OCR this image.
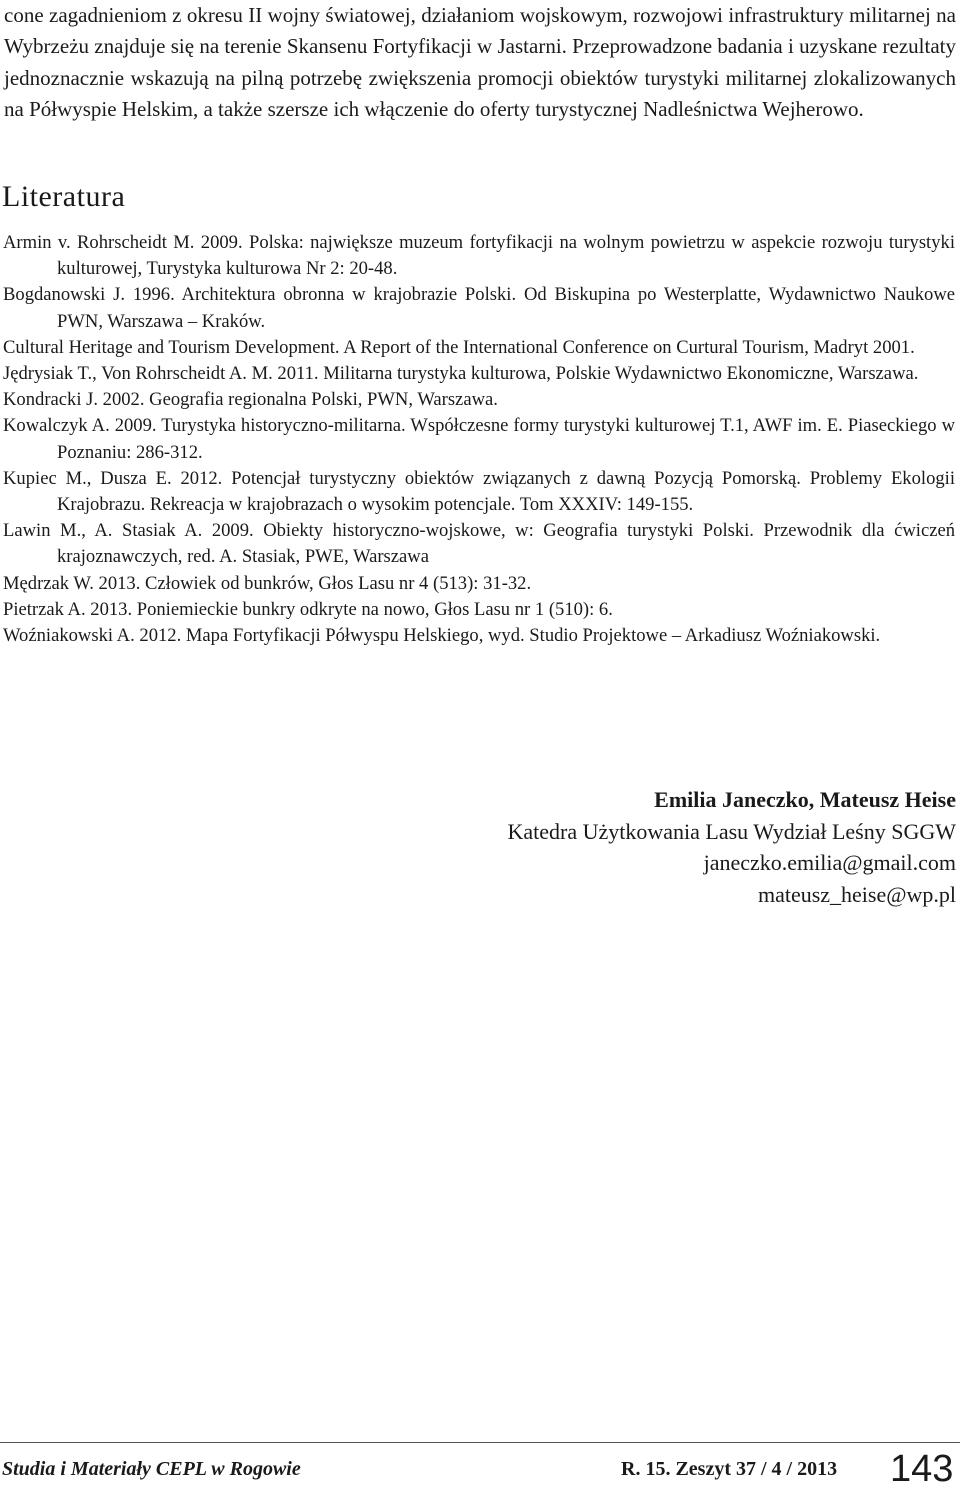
cone zagadnieniom z okresu II wojny światowej, działaniom wojskowym, rozwojowi infrastruktury militarnej na Wybrzeżu znajduje się na terenie Skansenu Fortyfikacji w Jastarni. Przeprowadzone badania i uzyskane rezultaty jednoznacznie wskazują na pilną potrzebę zwiększenia promocji obiektów turystyki militarnej zlokalizowanych na Półwyspie Helskim, a także szersze ich włączenie do oferty turystycznej Nadleśnictwa Wejherowo.

Literatura
Armin v. Rohrscheidt M. 2009. Polska: największe muzeum fortyfikacji na wolnym powietrzu w aspekcie rozwoju turystyki kulturowej, Turystyka kulturowa Nr 2: 20-48.
Bogdanowski J. 1996. Architektura obronna w krajobrazie Polski. Od Biskupina po Westerplatte, Wydawnictwo Naukowe PWN, Warszawa – Kraków.
Cultural Heritage and Tourism Development. A Report of the International Conference on Curtural Tourism, Madryt 2001.
Jędrysiak T., Von Rohrscheidt A. M. 2011. Militarna turystyka kulturowa, Polskie Wydawnictwo Ekonomiczne, Warszawa.
Kondracki J. 2002. Geografia regionalna Polski, PWN, Warszawa.
Kowalczyk A. 2009. Turystyka historyczno-militarna. Współczesne formy turystyki kulturowej T.1, AWF im. E. Piaseckiego w Poznaniu: 286-312.
Kupiec M., Dusza E. 2012. Potencjał turystyczny obiektów związanych z dawną Pozycją Pomorską. Problemy Ekologii Krajobrazu. Rekreacja w krajobrazach o wysokim potencjale. Tom XXXIV: 149-155.
Lawin M., A. Stasiak A. 2009. Obiekty historyczno-wojskowe, w: Geografia turystyki Polski. Przewodnik dla ćwiczeń krajoznawczych, red. A. Stasiak, PWE, Warszawa
Mędrzak W. 2013. Człowiek od bunkrów, Głos Lasu nr 4 (513): 31-32.
Pietrzak A. 2013. Poniemieckie bunkry odkryte na nowo, Głos Lasu nr 1 (510): 6.
Woźniakowski A. 2012. Mapa Fortyfikacji Półwyspu Helskiego, wyd. Studio Projektowe – Arkadiusz Woźniakowski.
Emilia Janeczko, Mateusz Heise
Katedra Użytkowania Lasu Wydział Leśny SGGW
janeczko.emilia@gmail.com
mateusz_heise@wp.pl
Studia i Materiały CEPL w Rogowie	R. 15. Zeszyt 37 / 4 / 2013 143
